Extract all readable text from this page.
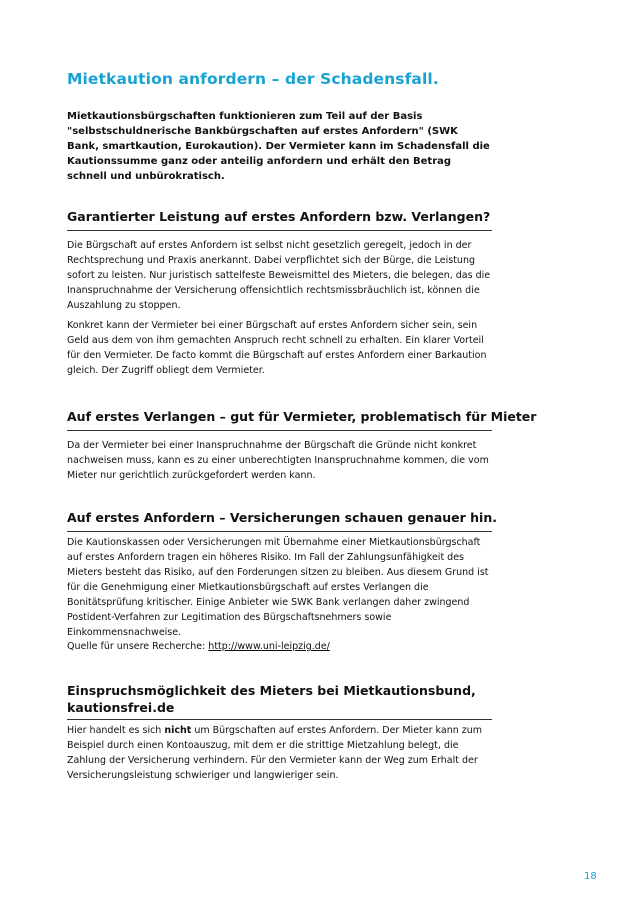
Mietkaution anfordern – der Schadensfall.

Mietkautionsbürgschaften funktionieren zum Teil auf der Basis "selbstschuldnerische Bankbürgschaften auf erstes Anfordern" (SWK Bank, smartkaution, Eurokaution). Der Vermieter kann im Schadensfall die Kautionssumme ganz oder anteilig anfordern und erhält den Betrag schnell und unbürokratisch.

Garantierter Leistung auf erstes Anfordern bzw. Verlangen?

Die Bürgschaft auf erstes Anfordern ist selbst nicht gesetzlich geregelt, jedoch in der Rechtsprechung und Praxis anerkannt. Dabei verpflichtet sich der Bürge, die Leistung sofort zu leisten. Nur juristisch sattelfeste Beweismittel des Mieters, die belegen, das die Inanspruchnahme der Versicherung offensichtlich rechtsmissbräuchlich ist, können die Auszahlung zu stoppen.

Konkret kann der Vermieter bei einer Bürgschaft auf erstes Anfordern sicher sein, sein Geld aus dem von ihm gemachten Anspruch recht schnell zu erhalten. Ein klarer Vorteil für den Vermieter. De facto kommt die Bürgschaft auf erstes Anfordern einer Barkaution gleich. Der Zugriff obliegt dem Vermieter.

Auf erstes Verlangen – gut für Vermieter, problematisch für Mieter

Da der Vermieter bei einer Inanspruchnahme der Bürgschaft die Gründe nicht konkret nachweisen muss, kann es zu einer unberechtigten Inanspruchnahme kommen, die vom Mieter nur gerichtlich zurückgefordert werden kann.

Auf erstes Anfordern – Versicherungen schauen genauer hin.

Die Kautionskassen oder Versicherungen mit Übernahme einer Mietkautionsbürgschaft auf erstes Anfordern tragen ein höheres Risiko. Im Fall der Zahlungsunfähigkeit des Mieters besteht das Risiko, auf den Forderungen sitzen zu bleiben. Aus diesem Grund ist für die Genehmigung einer Mietkautionsbürgschaft auf erstes Verlangen die Bonitätsprüfung kritischer. Einige Anbieter wie SWK Bank verlangen daher zwingend Postident-Verfahren zur Legitimation des Bürgschaftsnehmers sowie Einkommensnachweise.

Quelle für unsere Recherche: http://www.uni-leipzig.de/

Einspruchsmöglichkeit des Mieters bei Mietkautionsbund, kautionsfrei.de

Hier handelt es sich nicht um Bürgschaften auf erstes Anfordern. Der Mieter kann zum Beispiel durch einen Kontoauszug, mit dem er die strittige Mietzahlung belegt, die Zahlung der Versicherung verhindern. Für den Vermieter kann der Weg zum Erhalt der Versicherungsleistung schwieriger und langwieriger sein.

18
